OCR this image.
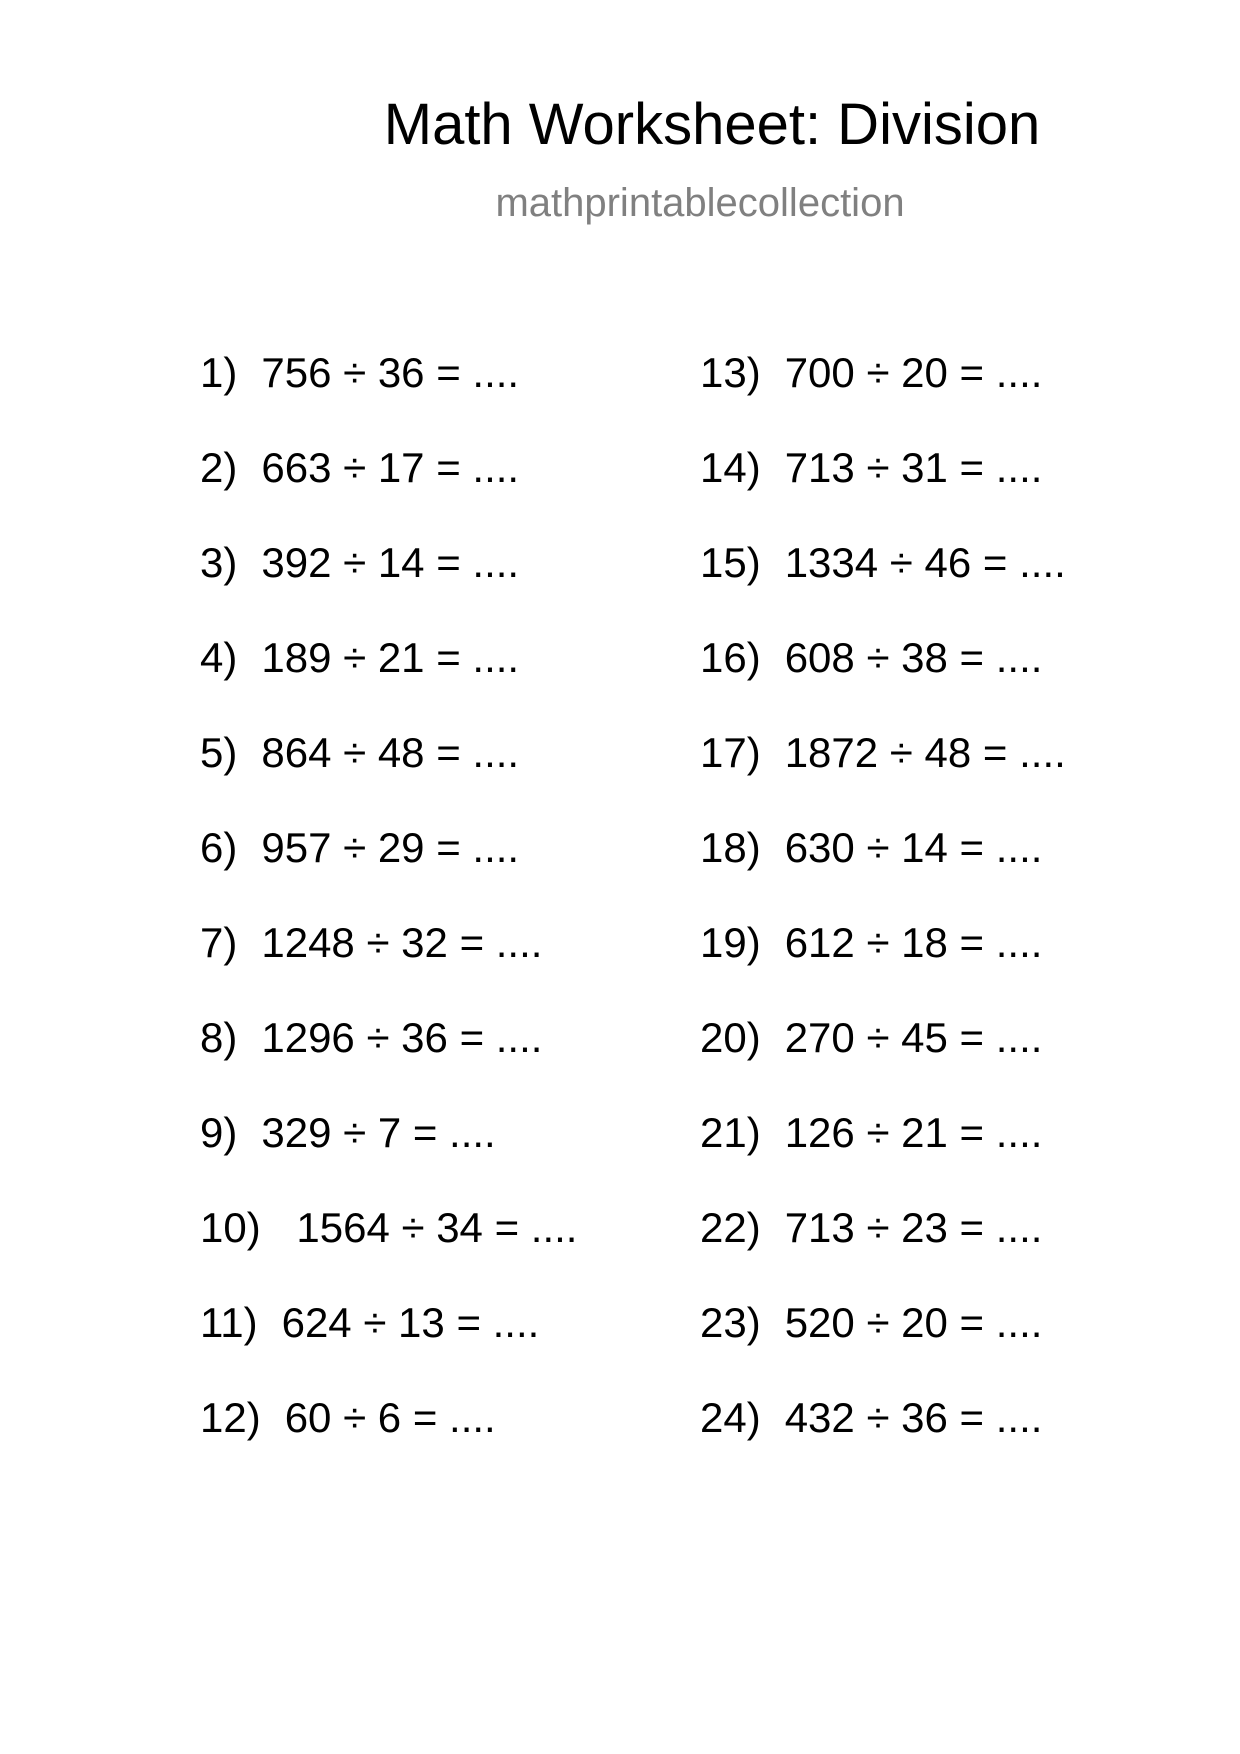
Math Worksheet: Division
mathprintablecollection
1) 756 ÷ 36 = ....
2) 663 ÷ 17 = ....
3) 392 ÷ 14 = ....
4) 189 ÷ 21 = ....
5) 864 ÷ 48 = ....
6) 957 ÷ 29 = ....
7) 1248 ÷ 32 = ....
8) 1296 ÷ 36 = ....
9) 329 ÷ 7 = ....
10) 1564 ÷ 34 = ....
11) 624 ÷ 13 = ....
12) 60 ÷ 6 = ....
13) 700 ÷ 20 = ....
14) 713 ÷ 31 = ....
15) 1334 ÷ 46 = ....
16) 608 ÷ 38 = ....
17) 1872 ÷ 48 = ....
18) 630 ÷ 14 = ....
19) 612 ÷ 18 = ....
20) 270 ÷ 45 = ....
21) 126 ÷ 21 = ....
22) 713 ÷ 23 = ....
23) 520 ÷ 20 = ....
24) 432 ÷ 36 = ....
